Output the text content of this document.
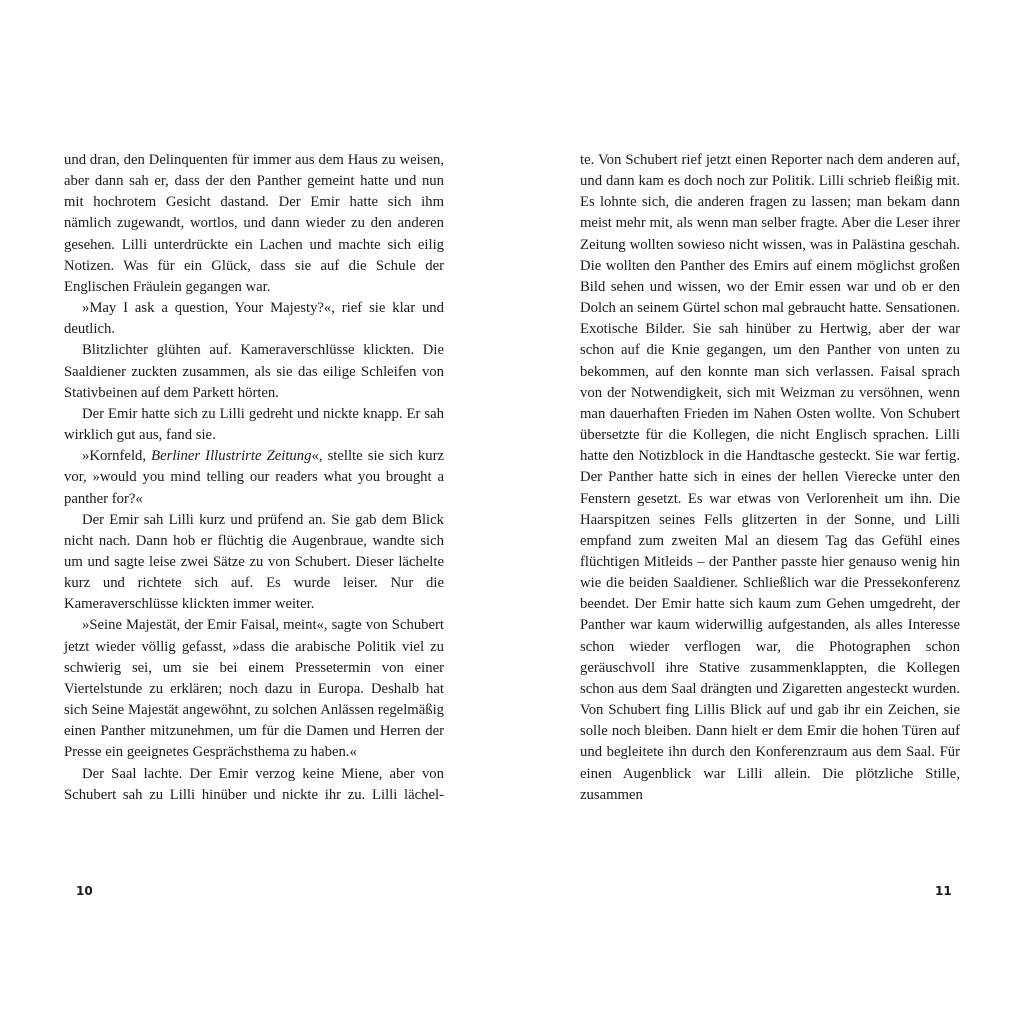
und dran, den Delinquenten für immer aus dem Haus zu weisen, aber dann sah er, dass der den Panther gemeint hatte und nun mit hochrotem Gesicht dastand. Der Emir hatte sich ihm nämlich zugewandt, wortlos, und dann wieder zu den anderen gesehen. Lilli unterdrückte ein Lachen und machte sich eilig Notizen. Was für ein Glück, dass sie auf die Schule der Englischen Fräulein gegangen war.

»May I ask a question, Your Majesty?«, rief sie klar und deutlich.

Blitzlichter glühten auf. Kameraverschlüsse klickten. Die Saaldiener zuckten zusammen, als sie das eilige Schleifen von Stativbeinen auf dem Parkett hörten.

Der Emir hatte sich zu Lilli gedreht und nickte knapp. Er sah wirklich gut aus, fand sie.

»Kornfeld, Berliner Illustrirte Zeitung«, stellte sie sich kurz vor, »would you mind telling our readers what you brought a panther for?«

Der Emir sah Lilli kurz und prüfend an. Sie gab dem Blick nicht nach. Dann hob er flüchtig die Augenbraue, wandte sich um und sagte leise zwei Sätze zu von Schubert. Dieser lächelte kurz und richtete sich auf. Es wurde leiser. Nur die Kameraverschlüsse klickten immer weiter.

»Seine Majestät, der Emir Faisal, meint«, sagte von Schubert jetzt wieder völlig gefasst, »dass die arabische Politik viel zu schwierig sei, um sie bei einem Pressetermin von einer Viertelstunde zu erklären; noch dazu in Europa. Deshalb hat sich Seine Majestät angewöhnt, zu solchen Anlässen regelmäßig einen Panther mitzunehmen, um für die Damen und Herren der Presse ein geeignetes Gesprächsthema zu haben.«

Der Saal lachte. Der Emir verzog keine Miene, aber von Schubert sah zu Lilli hinüber und nickte ihr zu. Lilli lächel-

te. Von Schubert rief jetzt einen Reporter nach dem anderen auf, und dann kam es doch noch zur Politik. Lilli schrieb fleißig mit. Es lohnte sich, die anderen fragen zu lassen; man bekam dann meist mehr mit, als wenn man selber fragte. Aber die Leser ihrer Zeitung wollten sowieso nicht wissen, was in Palästina geschah. Die wollten den Panther des Emirs auf einem möglichst großen Bild sehen und wissen, wo der Emir essen war und ob er den Dolch an seinem Gürtel schon mal gebraucht hatte. Sensationen. Exotische Bilder. Sie sah hinüber zu Hertwig, aber der war schon auf die Knie gegangen, um den Panther von unten zu bekommen, auf den konnte man sich verlassen. Faisal sprach von der Notwendigkeit, sich mit Weizman zu versöhnen, wenn man dauerhaften Frieden im Nahen Osten wollte. Von Schubert übersetzte für die Kollegen, die nicht Englisch sprachen. Lilli hatte den Notizblock in die Handtasche gesteckt. Sie war fertig. Der Panther hatte sich in eines der hellen Vierecke unter den Fenstern gesetzt. Es war etwas von Verlorenheit um ihn. Die Haarspitzen seines Fells glitzerten in der Sonne, und Lilli empfand zum zweiten Mal an diesem Tag das Gefühl eines flüchtigen Mitleids – der Panther passte hier genauso wenig hin wie die beiden Saaldiener. Schließlich war die Pressekonferenz beendet. Der Emir hatte sich kaum zum Gehen umgedreht, der Panther war kaum widerwillig aufgestanden, als alles Interesse schon wieder verflogen war, die Photographen schon geräuschvoll ihre Stative zusammenklappten, die Kollegen schon aus dem Saal drängten und Zigaretten angesteckt wurden. Von Schubert fing Lillis Blick auf und gab ihr ein Zeichen, sie solle noch bleiben. Dann hielt er dem Emir die hohen Türen auf und begleitete ihn durch den Konferenzraum aus dem Saal. Für einen Augenblick war Lilli allein. Die plötzliche Stille, zusammen

10	11
